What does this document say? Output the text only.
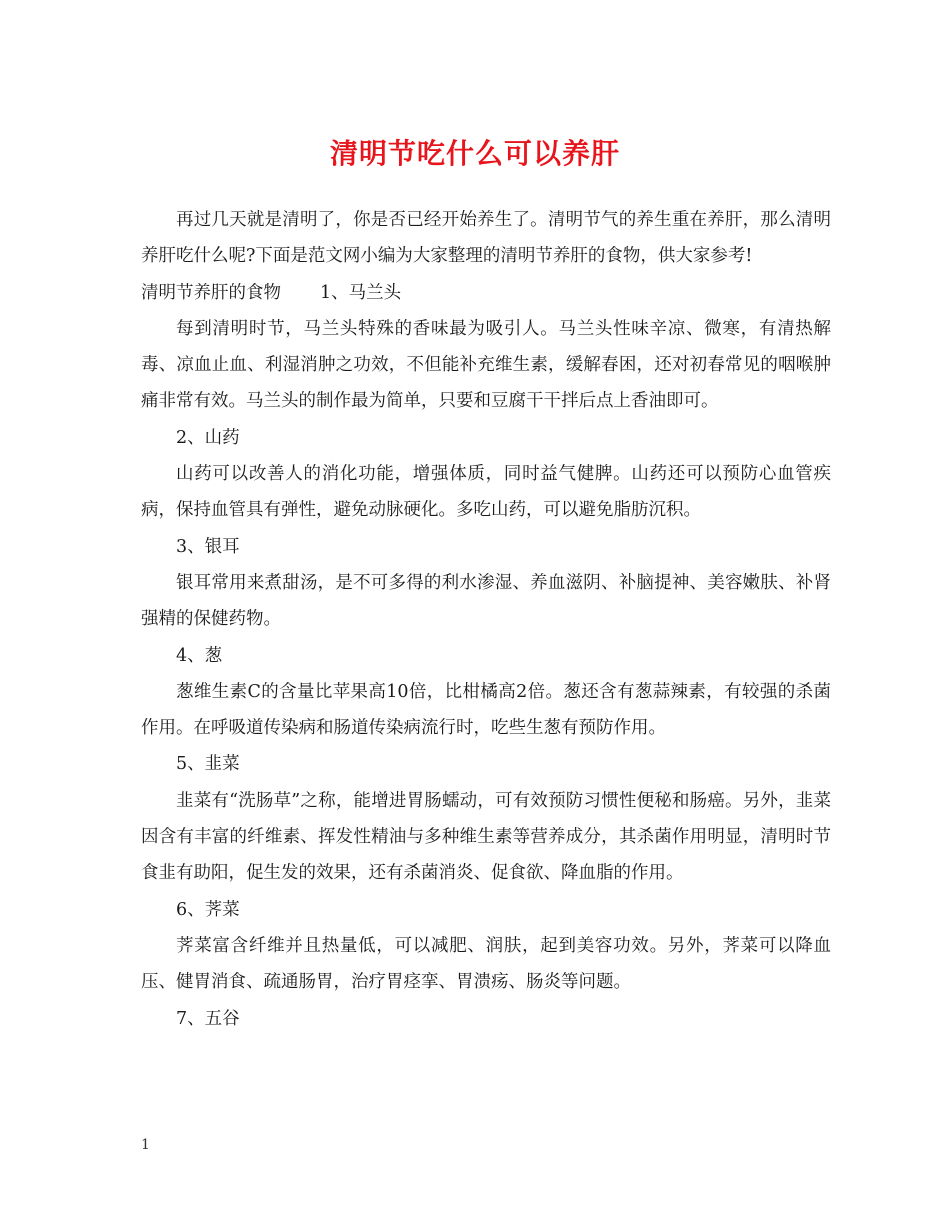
清明节吃什么可以养肝

再过几天就是清明了，你是否已经开始养生了。清明节气的养生重在养肝，那么清明养肝吃什么呢?下面是范文网小编为大家整理的清明节养肝的食物，供大家参考!

清明节养肝的食物 1、马兰头

每到清明时节，马兰头特殊的香味最为吸引人。马兰头性味辛凉、微寒，有清热解毒、凉血止血、利湿消肿之功效，不但能补充维生素，缓解春困，还对初春常见的咽喉肿痛非常有效。马兰头的制作最为简单，只要和豆腐干干拌后点上香油即可。

2、山药

山药可以改善人的消化功能，增强体质，同时益气健脾。山药还可以预防心血管疾病，保持血管具有弹性，避免动脉硬化。多吃山药，可以避免脂肪沉积。

3、银耳

银耳常用来煮甜汤，是不可多得的利水渗湿、养血滋阴、补脑提神、美容嫩肤、补肾强精的保健药物。

4、葱

葱维生素C的含量比苹果高10倍，比柑橘高2倍。葱还含有葱蒜辣素，有较强的杀菌作用。在呼吸道传染病和肠道传染病流行时，吃些生葱有预防作用。

5、韭菜

韭菜有“洗肠草”之称，能增进胃肠蠕动，可有效预防习惯性便秘和肠癌。另外，韭菜因含有丰富的纤维素、挥发性精油与多种维生素等营养成分，其杀菌作用明显，清明时节食韭有助阳，促生发的效果，还有杀菌消炎、促食欲、降血脂的作用。

6、荠菜

荠菜富含纤维并且热量低，可以减肥、润肤，起到美容功效。另外，荠菜可以降血压、健胃消食、疏通肠胃，治疗胃痉挛、胃溃疡、肠炎等问题。

7、五谷

1
